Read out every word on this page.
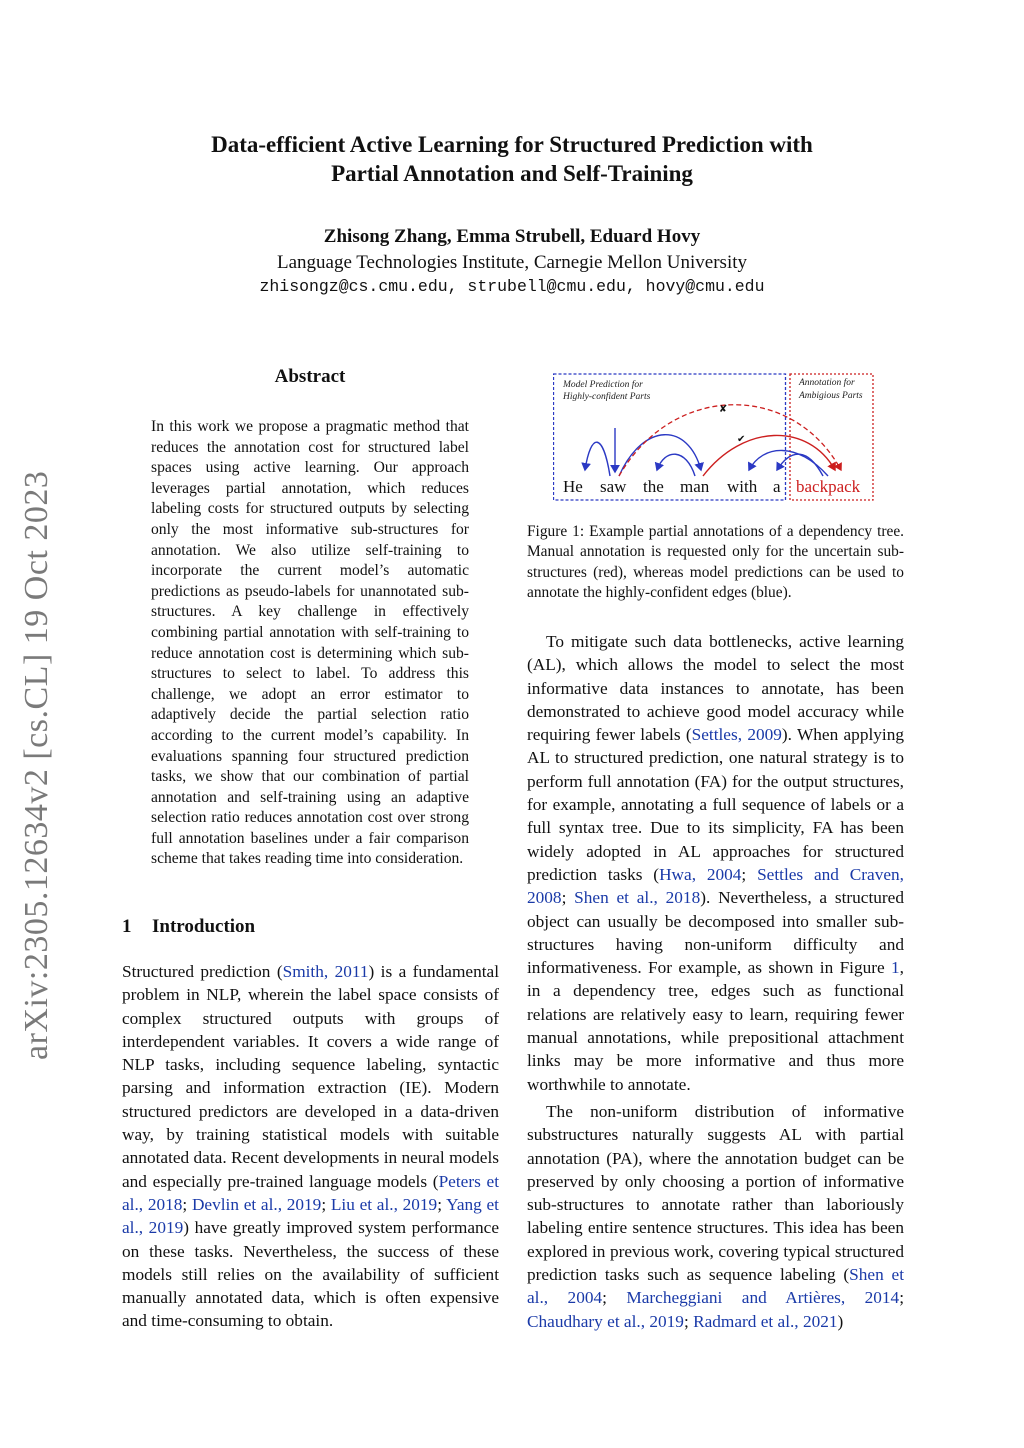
Data-efficient Active Learning for Structured Prediction with
Partial Annotation and Self-Training
Zhisong Zhang, Emma Strubell, Eduard Hovy
Language Technologies Institute, Carnegie Mellon University
zhisongz@cs.cmu.edu, strubell@cmu.edu, hovy@cmu.edu
arXiv:2305.12634v2 [cs.CL] 19 Oct 2023
Abstract
In this work we propose a pragmatic method that reduces the annotation cost for structured label spaces using active learning. Our approach leverages partial annotation, which reduces labeling costs for structured outputs by selecting only the most informative sub-structures for annotation. We also utilize self-training to incorporate the current model’s automatic predictions as pseudo-labels for unannotated sub-structures. A key challenge in effectively combining partial annotation with self-training to reduce annotation cost is determining which sub-structures to select to label. To address this challenge, we adopt an error estimator to adaptively decide the partial selection ratio according to the current model’s capability. In evaluations spanning four structured prediction tasks, we show that our combination of partial annotation and self-training using an adaptive selection ratio reduces annotation cost over strong full annotation baselines under a fair comparison scheme that takes reading time into consideration.
1 Introduction

Structured prediction (Smith, 2011) is a fundamental problem in NLP, wherein the label space consists of complex structured outputs with groups of interdependent variables. It covers a wide range of NLP tasks, including sequence labeling, syntactic parsing and information extraction (IE). Modern structured predictors are developed in a data-driven way, by training statistical models with suitable annotated data. Recent developments in neural models and especially pre-trained language models (Peters et al., 2018; Devlin et al., 2019; Liu et al., 2019; Yang et al., 2019) have greatly improved system performance on these tasks. Nevertheless, the success of these models still relies on the availability of sufficient manually annotated data, which is often expensive and time-consuming to obtain.

Model Prediction for
Highly-confident Parts
Annotation for
Ambigious Parts
✘
✔
He saw the man with a backpack
Figure 1: Example partial annotations of a dependency tree. Manual annotation is requested only for the uncertain sub-structures (red), whereas model predictions can be used to annotate the highly-confident edges (blue).

To mitigate such data bottlenecks, active learning (AL), which allows the model to select the most informative data instances to annotate, has been demonstrated to achieve good model accuracy while requiring fewer labels (Settles, 2009). When applying AL to structured prediction, one natural strategy is to perform full annotation (FA) for the output structures, for example, annotating a full sequence of labels or a full syntax tree. Due to its simplicity, FA has been widely adopted in AL approaches for structured prediction tasks (Hwa, 2004; Settles and Craven, 2008; Shen et al., 2018). Nevertheless, a structured object can usually be decomposed into smaller sub-structures having non-uniform difficulty and informativeness. For example, as shown in Figure 1, in a dependency tree, edges such as functional relations are relatively easy to learn, requiring fewer manual annotations, while prepositional attachment links may be more informative and thus more worthwhile to annotate.

The non-uniform distribution of informative substructures naturally suggests AL with partial annotation (PA), where the annotation budget can be preserved by only choosing a portion of informative sub-structures to annotate rather than laboriously labeling entire sentence structures. This idea has been explored in previous work, covering typical structured prediction tasks such as sequence labeling (Shen et al., 2004; Marcheggiani and Artières, 2014; Chaudhary et al., 2019; Radmard et al., 2021)
